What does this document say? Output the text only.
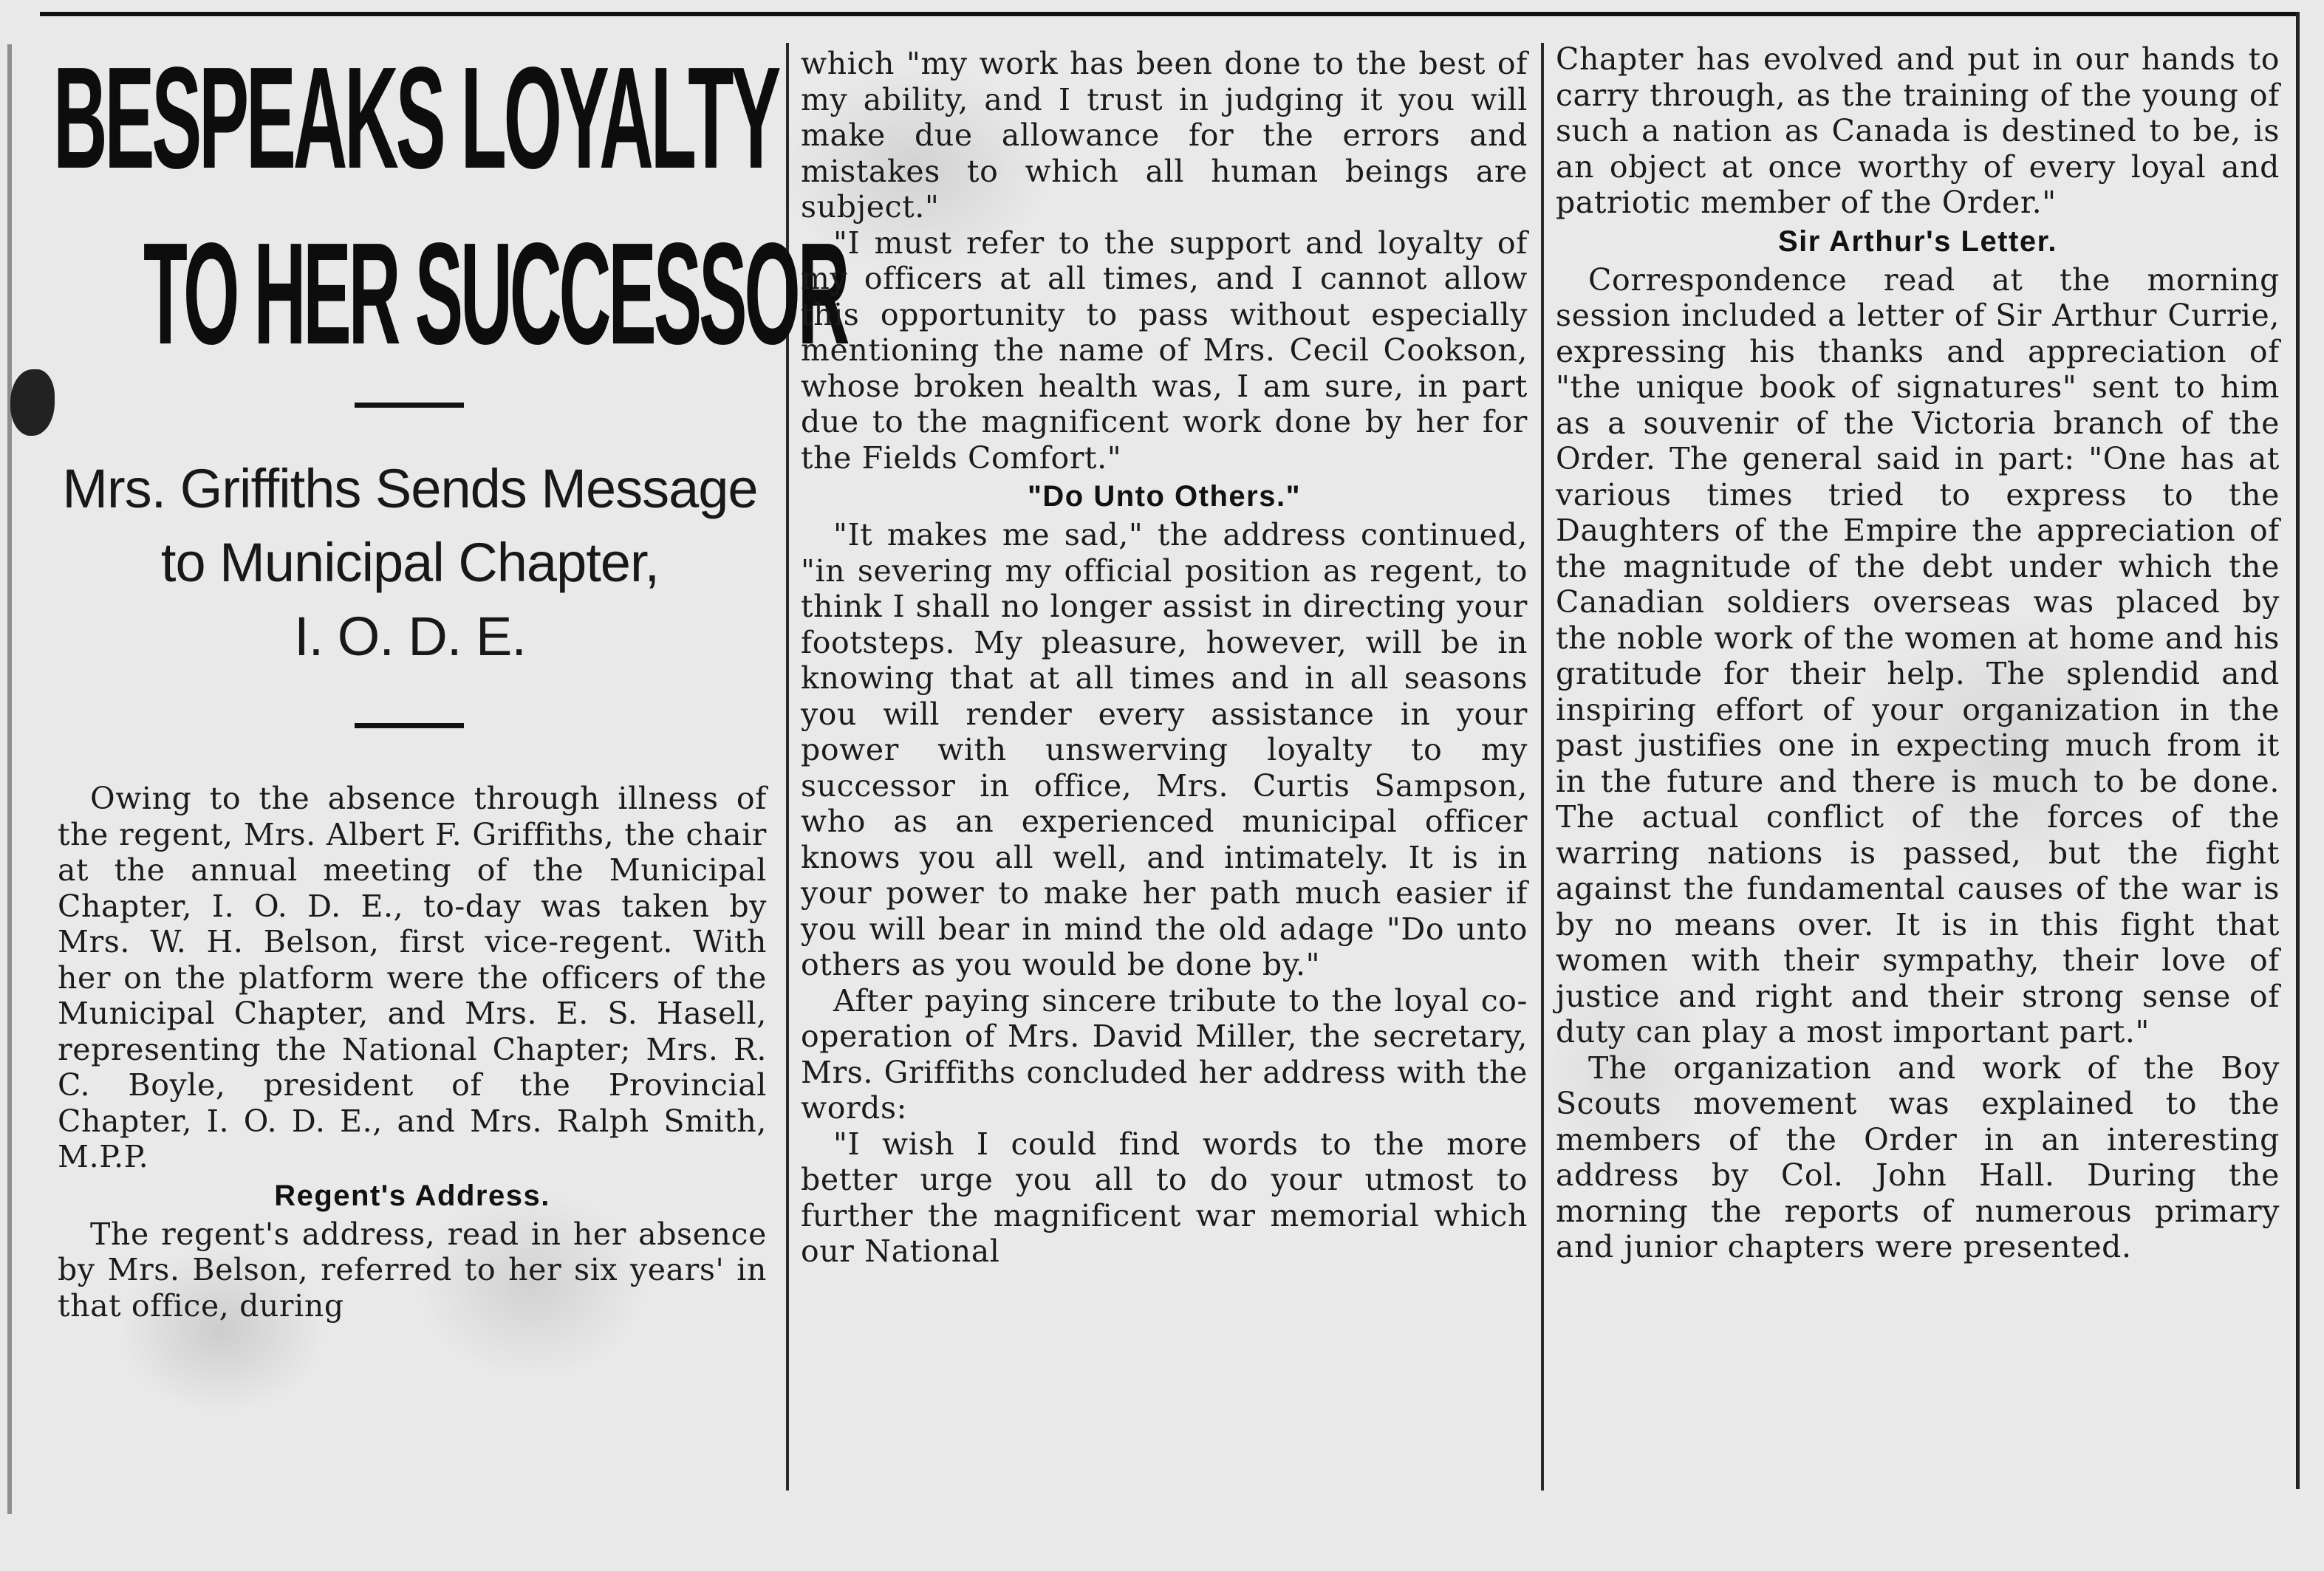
BESPEAKS LOYALTY
TO HER SUCCESSOR
Mrs. Griffiths Sends Message
to Municipal Chapter,
I. O. D. E.

Owing to the absence through illness of the regent, Mrs. Albert F. Griffiths, the chair at the annual meeting of the Municipal Chapter, I. O. D. E., to-day was taken by Mrs. W. H. Belson, first vice-regent. With her on the platform were the officers of the Municipal Chapter, and Mrs. E. S. Hasell, representing the National Chapter; Mrs. R. C. Boyle, president of the Provincial Chapter, I. O. D. E., and Mrs. Ralph Smith, M.P.P.

Regent's Address.

The regent's address, read in her absence by Mrs. Belson, referred to her six years' in that office, during

which "my work has been done to the best of my ability, and I trust in judging it you will make due allowance for the errors and mistakes to which all human beings are subject."

"I must refer to the support and loyalty of my officers at all times, and I cannot allow this opportunity to pass without especially mentioning the name of Mrs. Cecil Cookson, whose broken health was, I am sure, in part due to the magnificent work done by her for the Fields Comfort."

"Do Unto Others."

"It makes me sad," the address continued, "in severing my official position as regent, to think I shall no longer assist in directing your footsteps. My pleasure, however, will be in knowing that at all times and in all seasons you will render every assistance in your power with unswerving loyalty to my successor in office, Mrs. Curtis Sampson, who as an experienced municipal officer knows you all well, and intimately. It is in your power to make her path much easier if you will bear in mind the old adage "Do unto others as you would be done by."

After paying sincere tribute to the loyal co-operation of Mrs. David Miller, the secretary, Mrs. Griffiths concluded her address with the words:

"I wish I could find words to the more better urge you all to do your utmost to further the magnificent war memorial which our National

Chapter has evolved and put in our hands to carry through, as the training of the young of such a nation as Canada is destined to be, is an object at once worthy of every loyal and patriotic member of the Order."

Sir Arthur's Letter.

Correspondence read at the morning session included a letter of Sir Arthur Currie, expressing his thanks and appreciation of "the unique book of signatures" sent to him as a souvenir of the Victoria branch of the Order. The general said in part: "One has at various times tried to express to the Daughters of the Empire the appreciation of the magnitude of the debt under which the Canadian soldiers overseas was placed by the noble work of the women at home and his gratitude for their help. The splendid and inspiring effort of your organization in the past justifies one in expecting much from it in the future and there is much to be done. The actual conflict of the forces of the warring nations is passed, but the fight against the fundamental causes of the war is by no means over. It is in this fight that women with their sympathy, their love of justice and right and their strong sense of duty can play a most important part."

The organization and work of the Boy Scouts movement was explained to the members of the Order in an interesting address by Col. John Hall. During the morning the reports of numerous primary and junior chapters were presented.
